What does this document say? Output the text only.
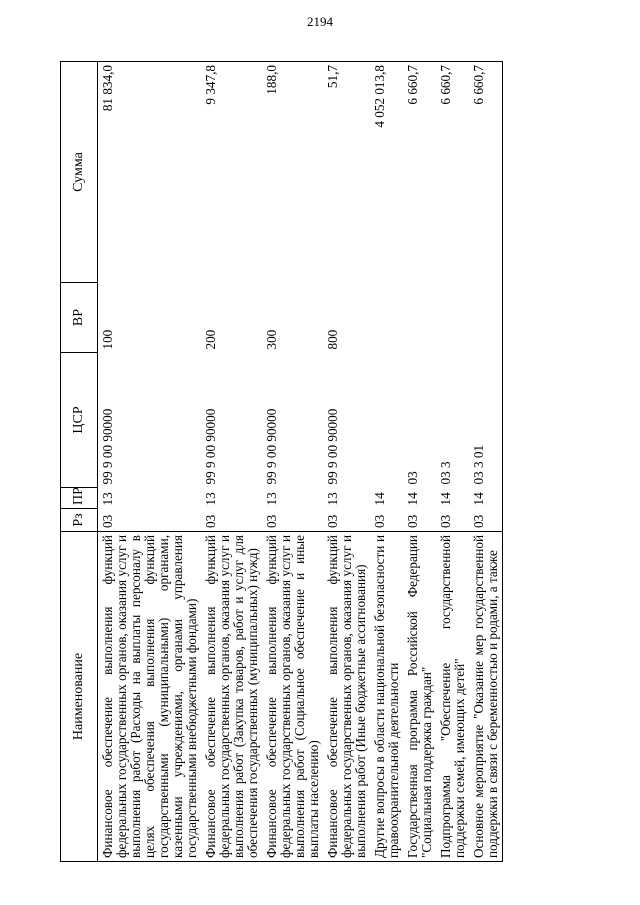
2194
Наименование	Рз	ПР	ЦСР	ВР	Сумма
Финансовое обеспечение выполнения функций федеральных государственных органов, оказания услуг и выполнения работ (Расходы на выплаты персоналу в целях обеспечения выполнения функций государственными (муниципальными) органами, казенными учреждениями, органами управления государственными внебюджетными фондами)	03	13	99 9 00 90000	100	81 834,0
Финансовое обеспечение выполнения функций федеральных государственных органов, оказания услуг и выполнения работ (Закупка товаров, работ и услуг для обеспечения государственных (муниципальных) нужд)	03	13	99 9 00 90000	200	9 347,8
Финансовое обеспечение выполнения функций федеральных государственных органов, оказания услуг и выполнения работ (Социальное обеспечение и иные выплаты населению)	03	13	99 9 00 90000	300	188,0
Финансовое обеспечение выполнения функций федеральных государственных органов, оказания услуг и выполнения работ (Иные бюджетные ассигнования)	03	13	99 9 00 90000	800	51,7
Другие вопросы в области национальной безопасности и правоохранительной деятельности	03	14			4 052 013,8
Государственная программа Российской Федерации "Социальная поддержка граждан"	03	14	03		6 660,7
Подпрограмма "Обеспечение государственной поддержки семей, имеющих детей"	03	14	03 3		6 660,7
Основное мероприятие "Оказание мер государственной поддержки в связи с беременностью и родами, а также	03	14	03 3 01		6 660,7
